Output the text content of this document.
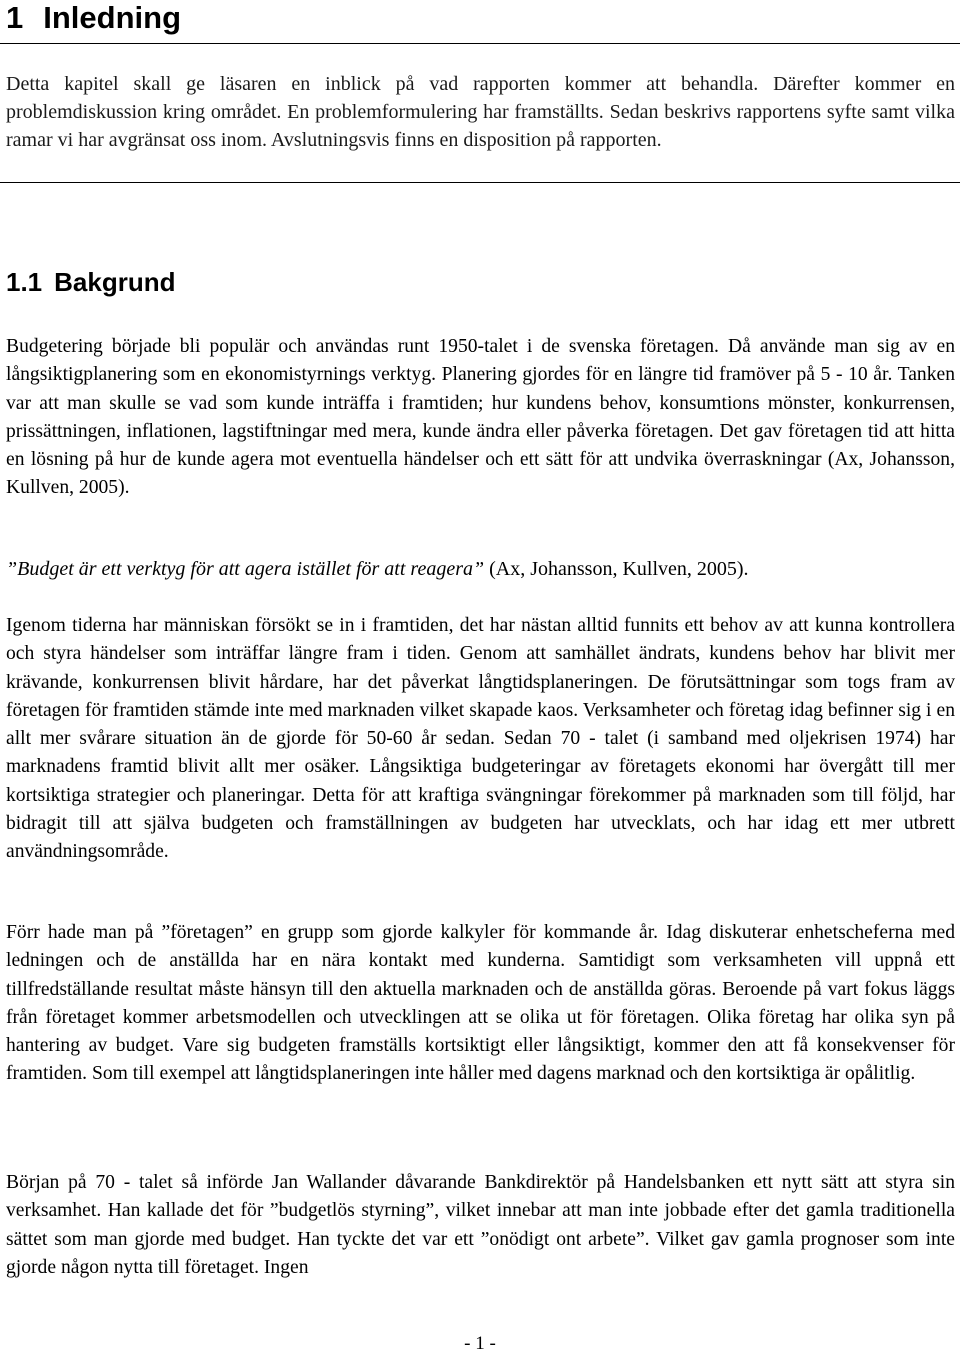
1 Inledning

Detta kapitel skall ge läsaren en inblick på vad rapporten kommer att behandla. Därefter kommer en problemdiskussion kring området. En problemformulering har framställts. Sedan beskrivs rapportens syfte samt vilka ramar vi har avgränsat oss inom. Avslutningsvis finns en disposition på rapporten.

1.1 Bakgrund

Budgetering började bli populär och användas runt 1950-talet i de svenska företagen. Då använde man sig av en långsiktigplanering som en ekonomistyrnings verktyg. Planering gjordes för en längre tid framöver på 5 - 10 år. Tanken var att man skulle se vad som kunde inträffa i framtiden; hur kundens behov, konsumtions mönster, konkurrensen, prissättningen, inflationen, lagstiftningar med mera, kunde ändra eller påverka företagen. Det gav företagen tid att hitta en lösning på hur de kunde agera mot eventuella händelser och ett sätt för att undvika överraskningar (Ax, Johansson, Kullven, 2005).

”Budget är ett verktyg för att agera istället för att reagera” (Ax, Johansson, Kullven, 2005).

Igenom tiderna har människan försökt se in i framtiden, det har nästan alltid funnits ett behov av att kunna kontrollera och styra händelser som inträffar längre fram i tiden. Genom att samhället ändrats, kundens behov har blivit mer krävande, konkurrensen blivit hårdare, har det påverkat långtidsplaneringen. De förutsättningar som togs fram av företagen för framtiden stämde inte med marknaden vilket skapade kaos. Verksamheter och företag idag befinner sig i en allt mer svårare situation än de gjorde för 50-60 år sedan. Sedan 70 - talet (i samband med oljekrisen 1974) har marknadens framtid blivit allt mer osäker. Långsiktiga budgeteringar av företagets ekonomi har övergått till mer kortsiktiga strategier och planeringar. Detta för att kraftiga svängningar förekommer på marknaden som till följd, har bidragit till att själva budgeten och framställningen av budgeten har utvecklats, och har idag ett mer utbrett användningsområde.

Förr hade man på ”företagen” en grupp som gjorde kalkyler för kommande år. Idag diskuterar enhetscheferna med ledningen och de anställda har en nära kontakt med kunderna. Samtidigt som verksamheten vill uppnå ett tillfredställande resultat måste hänsyn till den aktuella marknaden och de anställda göras. Beroende på vart fokus läggs från företaget kommer arbetsmodellen och utvecklingen att se olika ut för företagen. Olika företag har olika syn på hantering av budget. Vare sig budgeten framställs kortsiktigt eller långsiktigt, kommer den att få konsekvenser för framtiden. Som till exempel att långtidsplaneringen inte håller med dagens marknad och den kortsiktiga är opålitlig.

Början på 70 - talet så införde Jan Wallander dåvarande Bankdirektör på Handelsbanken ett nytt sätt att styra sin verksamhet. Han kallade det för ”budgetlös styrning”, vilket innebar att man inte jobbade efter det gamla traditionella sättet som man gjorde med budget. Han tyckte det var ett ”onödigt ont arbete”. Vilket gav gamla prognoser som inte gjorde någon nytta till företaget. Ingen

- 1 -
